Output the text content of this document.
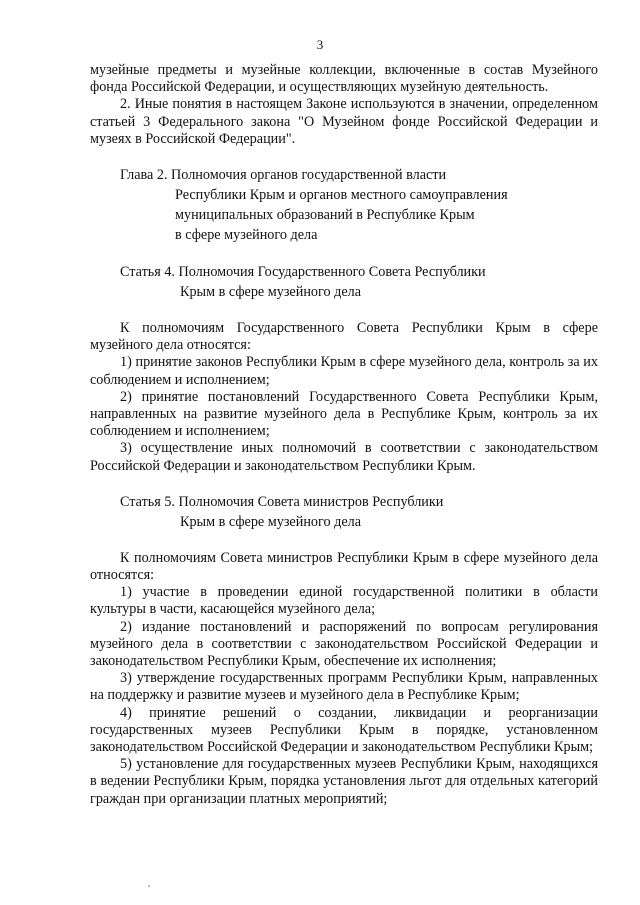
3

музейные предметы и музейные коллекции, включенные в состав Музейного фонда Российской Федерации, и осуществляющих музейную деятельность.

2. Иные понятия в настоящем Законе используются в значении, определенном статьей 3 Федерального закона "О Музейном фонде Российской Федерации и музеях в Российской Федерации".

Глава 2. Полномочия органов государственной власти
Республики Крым и органов местного самоуправления
муниципальных образований в Республике Крым
в сфере музейного дела
Статья 4. Полномочия Государственного Совета Республики
Крым в сфере музейного дела

К полномочиям Государственного Совета Республики Крым в сфере музейного дела относятся:

1) принятие законов Республики Крым в сфере музейного дела, контроль за их соблюдением и исполнением;

2) принятие постановлений Государственного Совета Республики Крым, направленных на развитие музейного дела в Республике Крым, контроль за их соблюдением и исполнением;

3) осуществление иных полномочий в соответствии с законодательством Российской Федерации и законодательством Республики Крым.

Статья 5. Полномочия Совета министров Республики
Крым в сфере музейного дела

К полномочиям Совета министров Республики Крым в сфере музейного дела относятся:

1) участие в проведении единой государственной политики в области культуры в части, касающейся музейного дела;

2) издание постановлений и распоряжений по вопросам регулирования музейного дела в соответствии с законодательством Российской Федерации и законодательством Республики Крым, обеспечение их исполнения;

3) утверждение государственных программ Республики Крым, направленных на поддержку и развитие музеев и музейного дела в Республике Крым;

4) принятие решений о создании, ликвидации и реорганизации государственных музеев Республики Крым в порядке, установленном законодательством Российской Федерации и законодательством Республики Крым;

5) установление для государственных музеев Республики Крым, находящихся в ведении Республики Крым, порядка установления льгот для отдельных категорий граждан при организации платных мероприятий;
